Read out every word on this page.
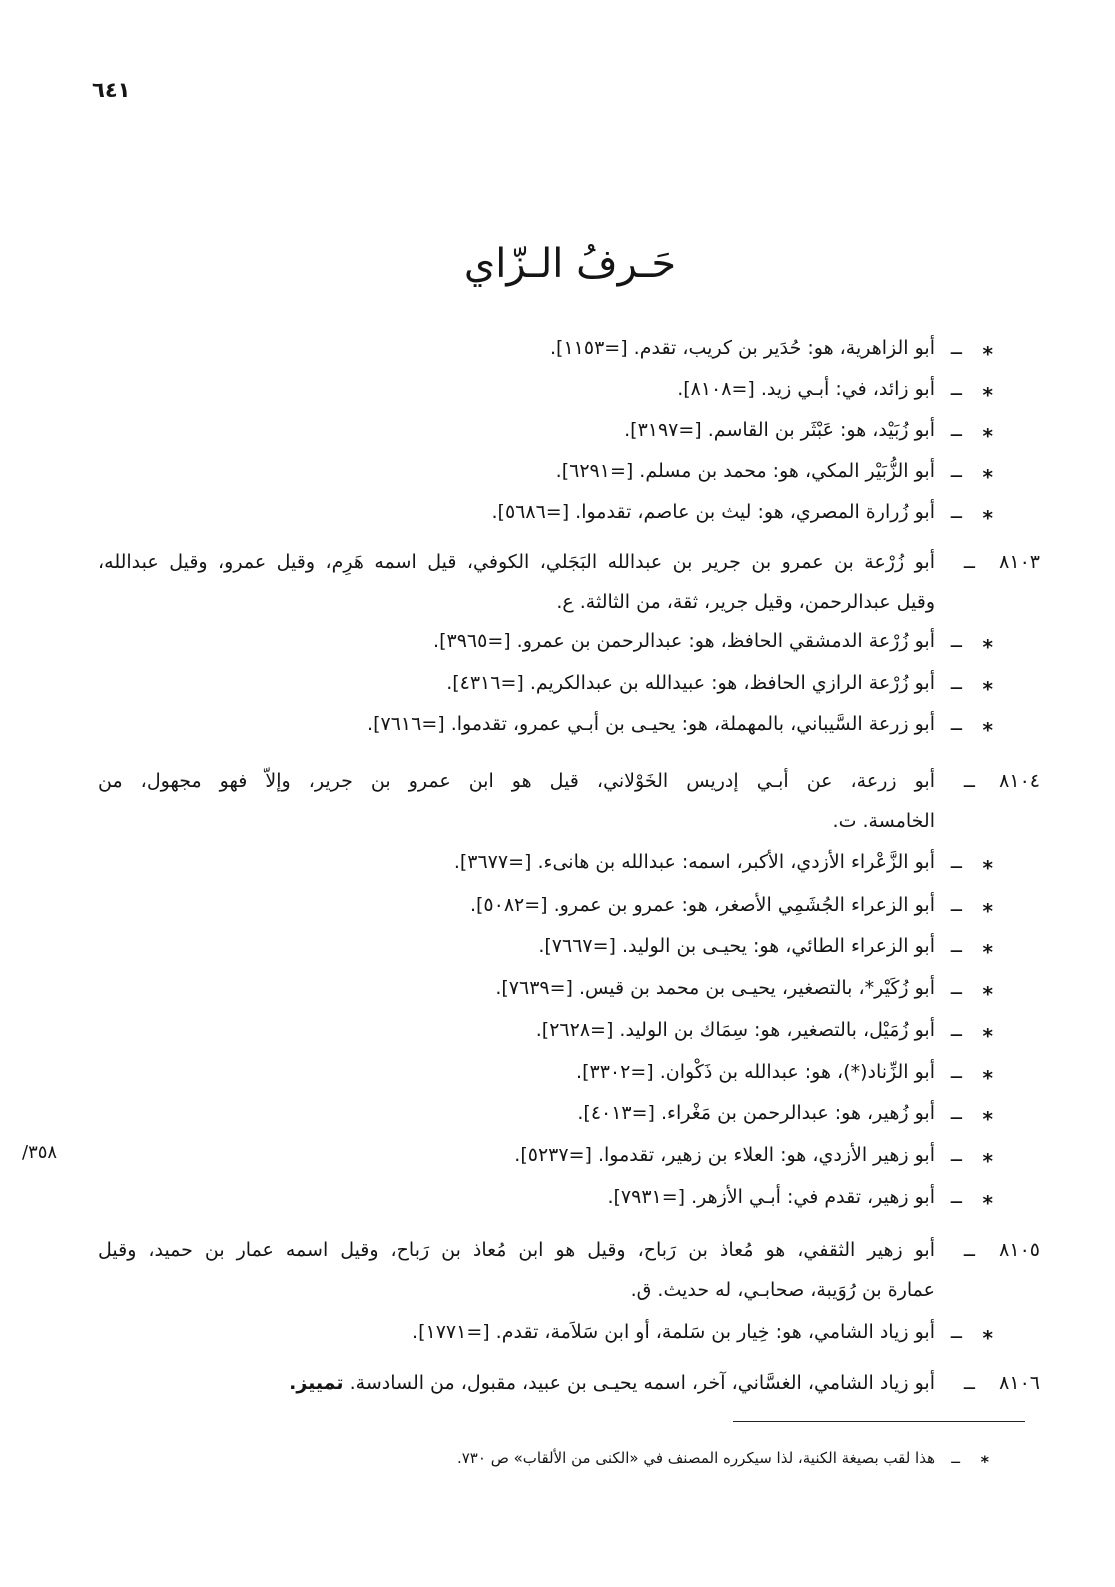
٦٤١
حَـرفُ الـزّاي
*
ــ
أبو الزاهرية، هو: حُدَير بن كريب، تقدم. [=١١٥٣].
*
ــ
أبو زائد، في: أبـي زيد. [=٨١٠٨].
*
ــ
أبو زُبَيْد، هو: عَبْثَر بن القاسم. [=٣١٩٧].
*
ــ
أبو الزُّبَيْر المكي، هو: محمد بن مسلم. [=٦٢٩١].
*
ــ
أبو زُرارة المصري، هو: ليث بن عاصم، تقدموا. [=٥٦٨٦].
٨١٠٣
ــ
أبو زُرْعة بن عمرو بن جرير بن عبدالله البَجَلي، الكوفي، قيل اسمه هَرِم، وقيل عمرو، وقيل عبدالله،
وقيل عبدالرحمن، وقيل جرير، ثقة، من الثالثة. ع.
*
ــ
أبو زُرْعة الدمشقي الحافظ، هو: عبدالرحمن بن عمرو. [=٣٩٦٥].
*
ــ
أبو زُرْعة الرازي الحافظ، هو: عبيدالله بن عبدالكريم. [=٤٣١٦].
*
ــ
أبو زرعة السَّيباني، بالمهملة، هو: يحيـى بن أبـي عمرو، تقدموا. [=٧٦١٦].
٨١٠٤
ــ
أبو زرعة، عن أبـي إدريس الخَوْلاني، قيل هو ابن عمرو بن جرير، وإلاّ فهو مجهول، من
الخامسة. ت.
*
ــ
أبو الزَّعْراء الأزدي، الأكبر، اسمه: عبدالله بن هانىء. [=٣٦٧٧].
*
ــ
أبو الزعراء الجُشَمِي الأصغر، هو: عمرو بن عمرو. [=٥٠٨٢].
*
ــ
أبو الزعراء الطائي، هو: يحيـى بن الوليد. [=٧٦٦٧].
*
ــ
أبو زُكَيْر*، بالتصغير، يحيـى بن محمد بن قيس. [=٧٦٣٩].
*
ــ
أبو زُمَيْل، بالتصغير، هو: سِمَاك بن الوليد. [=٢٦٢٨].
*
ــ
أبو الزِّناد(*)، هو: عبدالله بن ذَكْوان. [=٣٣٠٢].
*
ــ
أبو زُهير، هو: عبدالرحمن بن مَغْراء. [=٤٠١٣].
*
ــ
أبو زهير الأزدي، هو: العلاء بن زهير، تقدموا. [=٥٢٣٧].
/٣٥٨
*
ــ
أبو زهير، تقدم في: أبـي الأزهر. [=٧٩٣١].
٨١٠٥
ــ
أبو زهير الثقفي، هو مُعاذ بن رَباح، وقيل هو ابن مُعاذ بن رَباح، وقيل اسمه عمار بن حميد، وقيل
عمارة بن رُوَيبة، صحابـي، له حديث. ق.
*
ــ
أبو زياد الشامي، هو: خِيار بن سَلمة، أو ابن سَلاَمة، تقدم. [=١٧٧١].
٨١٠٦
ــ
أبو زياد الشامي، الغسَّاني، آخر، اسمه يحيـى بن عبيد، مقبول، من السادسة. تمييز.
*
ــ
هذا لقب بصيغة الكنية، لذا سيكرره المصنف في «الكنى من الألقاب» ص ٧٣٠.
